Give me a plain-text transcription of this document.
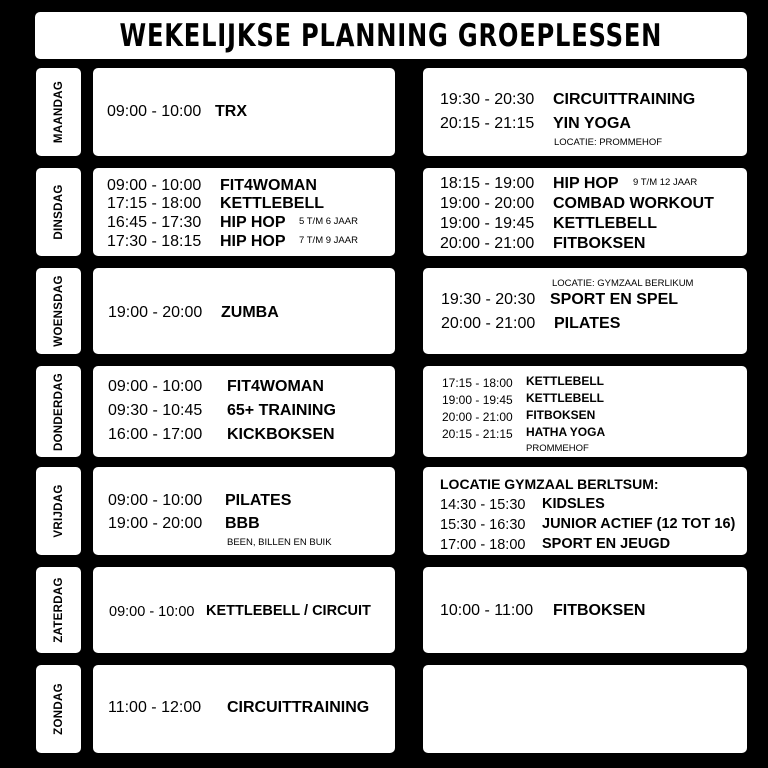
WEKELIJKSE PLANNING GROEPLESSEN
MAANDAG
DINSDAG
WOENSDAG
DONDERDAG
VRIJDAG
ZATERDAG
ZONDAG
09:00 - 10:00 TRX
19:30 - 20:30 CIRCUITTRAINING
20:15 - 21:15 YIN YOGA
LOCATIE: PROMMEHOF
09:00 - 10:00 FIT4WOMAN
17:15 - 18:00 KETTLEBELL
16:45 - 17:30 HIP HOP 5 T/M 6 JAAR
17:30 - 18:15 HIP HOP 7 T/M 9 JAAR
18:15 - 19:00 HIP HOP 9 T/M 12 JAAR
19:00 - 20:00 COMBAD WORKOUT
19:00 - 19:45 KETTLEBELL
20:00 - 21:00 FITBOKSEN
19:00 - 20:00 ZUMBA
LOCATIE: GYMZAAL BERLIKUM
19:30 - 20:30 SPORT EN SPEL
20:00 - 21:00 PILATES
09:00 - 10:00 FIT4WOMAN
09:30 - 10:45 65+ TRAINING
16:00 - 17:00 KICKBOKSEN
17:15 - 18:00 KETTLEBELL
19:00 - 19:45 KETTLEBELL
20:00 - 21:00 FITBOKSEN
20:15 - 21:15 HATHA YOGA
PROMMEHOF
09:00 - 10:00 PILATES
19:00 - 20:00 BBB
BEEN, BILLEN EN BUIK
LOCATIE GYMZAAL BERLTSUM:
14:30 - 15:30 KIDSLES
15:30 - 16:30 JUNIOR ACTIEF (12 TOT 16)
17:00 - 18:00 SPORT EN JEUGD
09:00 - 10:00 KETTLEBELL / CIRCUIT	10:00 - 11:00 FITBOKSEN
11:00 - 12:00 CIRCUITTRAINING
